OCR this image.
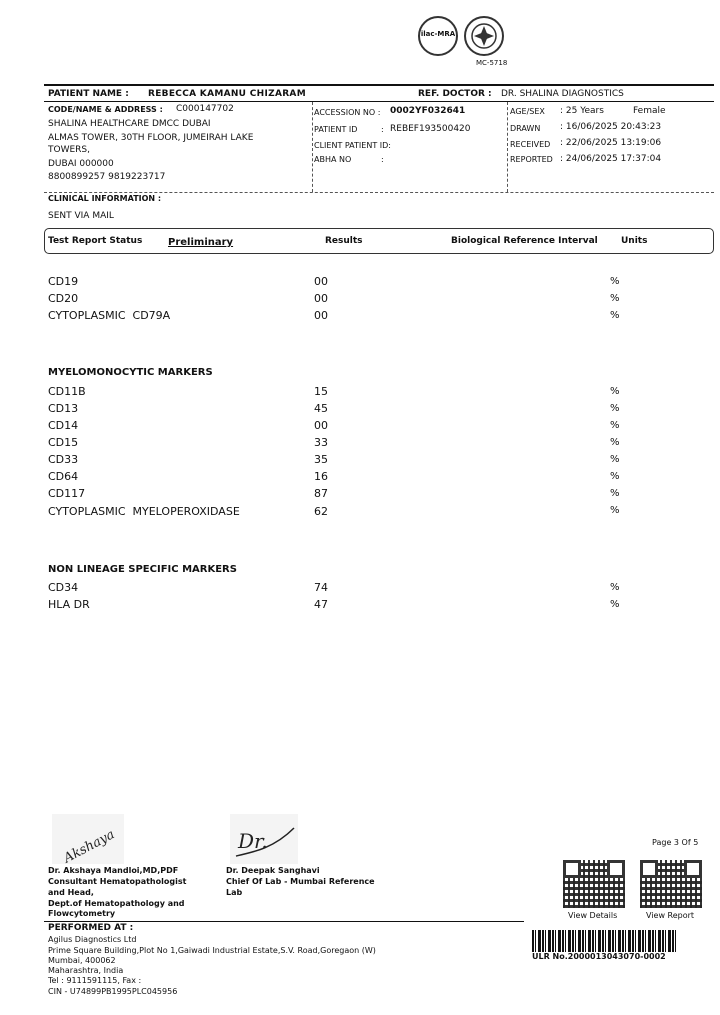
ilac-MRA
MC-5718
PATIENT NAME : REBECCA KAMANU CHIZARAM	REF. DOCTOR : DR. SHALINA DIAGNOSTICS
CODE/NAME & ADDRESS : C000147702
SHALINA HEALTHCARE DMCC DUBAI
ALMAS TOWER, 30TH FLOOR, JUMEIRAH LAKE
TOWERS,
DUBAI 000000
8800899257 9819223717
ACCESSION NO : 0002YF032641
PATIENT ID	: REBEF193500420
CLIENT PATIENT ID:
ABHA NO	:
AGE/SEX : 25 Years	Female
DRAWN : 16/06/2025 20:43:23
RECEIVED : 22/06/2025 13:19:06
REPORTED : 24/06/2025 17:37:04
CLINICAL INFORMATION :
SENT VIA MAIL
Test Report Status	Preliminary	Results	Biological Reference Interval	Units
CD19	00	%
CD20	00	%
CYTOPLASMIC  CD79A	00	%
MYELOMONOCYTIC MARKERS
CD11B	15	%
CD13	45	%
CD14	00	%
CD15	33	%
CD33	35	%
CD64	16	%
CD117	87	%
CYTOPLASMIC  MYELOPEROXIDASE	62	%
NON LINEAGE SPECIFIC MARKERS
CD34	74	%
HLA DR	47	%
Akshaya	Dr.
Dr. Akshaya Mandloi,MD,PDF
Consultant Hematopathologist
and Head,
Dept.of Hematopathology and
Flowcytometry
Dr. Deepak Sanghavi
Chief Of Lab - Mumbai Reference
Lab
Page 3 Of 5
View Details	View Report
PERFORMED AT :
Agilus Diagnostics Ltd
Prime Square Building,Plot No 1,Gaiwadi Industrial Estate,S.V. Road,Goregaon (W)
Mumbai, 400062
Maharashtra, India
Tel : 9111591115, Fax :
CIN - U74899PB1995PLC045956
ULR No.2000013043070-0002
